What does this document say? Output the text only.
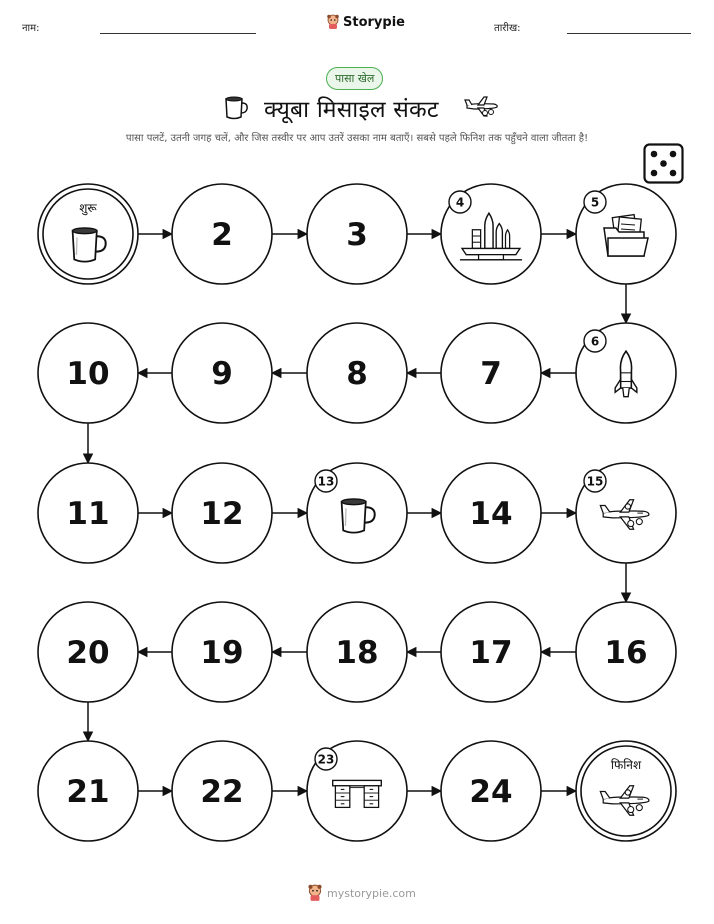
नाम:	Storypie	तारीख:
पासा खेल
क्यूबा मिसाइल संकट
पासा पलटें, उतनी जगह चलें, और जिस तस्वीर पर आप उतरें उसका नाम बताएँ। सबसे पहले फिनिश तक पहुँचने वाला जीतता है!
शुरू
2	3
4	5
10	9	8	7
6
11	12
13
14
15
20	19	18	17	16
21	22
23
24
फिनिश
mystorypie.com
